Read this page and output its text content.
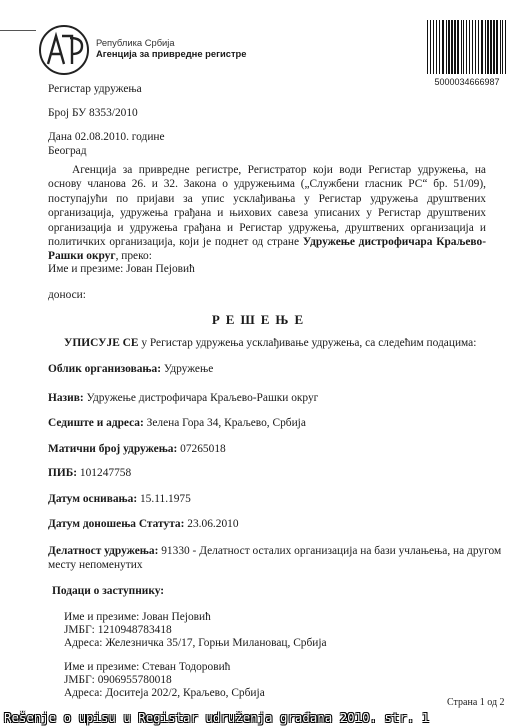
Република Србија
Агенција за привредне регистре
5000034666987
Регистар удружења
Број БУ 8353/2010
Дана 02.08.2010. године
Београд
Агенција за привредне регистре, Регистратор који води Регистар удружења, на основу чланова 26. и 32. Закона о удружењима („Службени гласник РС“ бр. 51/09), поступајући по пријави за упис усклађивања у Регистар удружења друштвених организација, удружења грађана и њихових савеза уписаних у Регистар друштвених организација и удружења грађана и Регистар удружења, друштвених организација и политичких организација, који је поднет од стране Удружење дистрофичара Краљево-Рашки округ, преко:
Име и презиме: Јован Пејовић
доноси:
РЕШЕЊЕ
УПИСУЈЕ СЕ у Регистар удружења усклађивање удружења, са следећим подацима:
Облик организовања: Удружење
Назив: Удружење дистрофичара Краљево-Рашки округ
Седиште и адреса: Зелена Гора 34, Краљево, Србија
Матични број удружења: 07265018
ПИБ: 101247758
Датум оснивања: 15.11.1975
Датум доношења Статута: 23.06.2010
Делатност удружења: 91330 - Делатност осталих организација на бази учлањења, на другом
месту непоменутих
Подаци о заступнику:
Име и презиме: Јован Пејовић
ЈМБГ: 1210948783418
Адреса: Железничка 35/17, Горњи Милановац, Србија
Име и презиме: Стеван Тодоровић
ЈМБГ: 0906955780018
Адреса: Доситеја 202/2, Краљево, Србија
Страна 1 од 2
Rešenje o upisu u Registar udruženja građana 2010. str. 1
